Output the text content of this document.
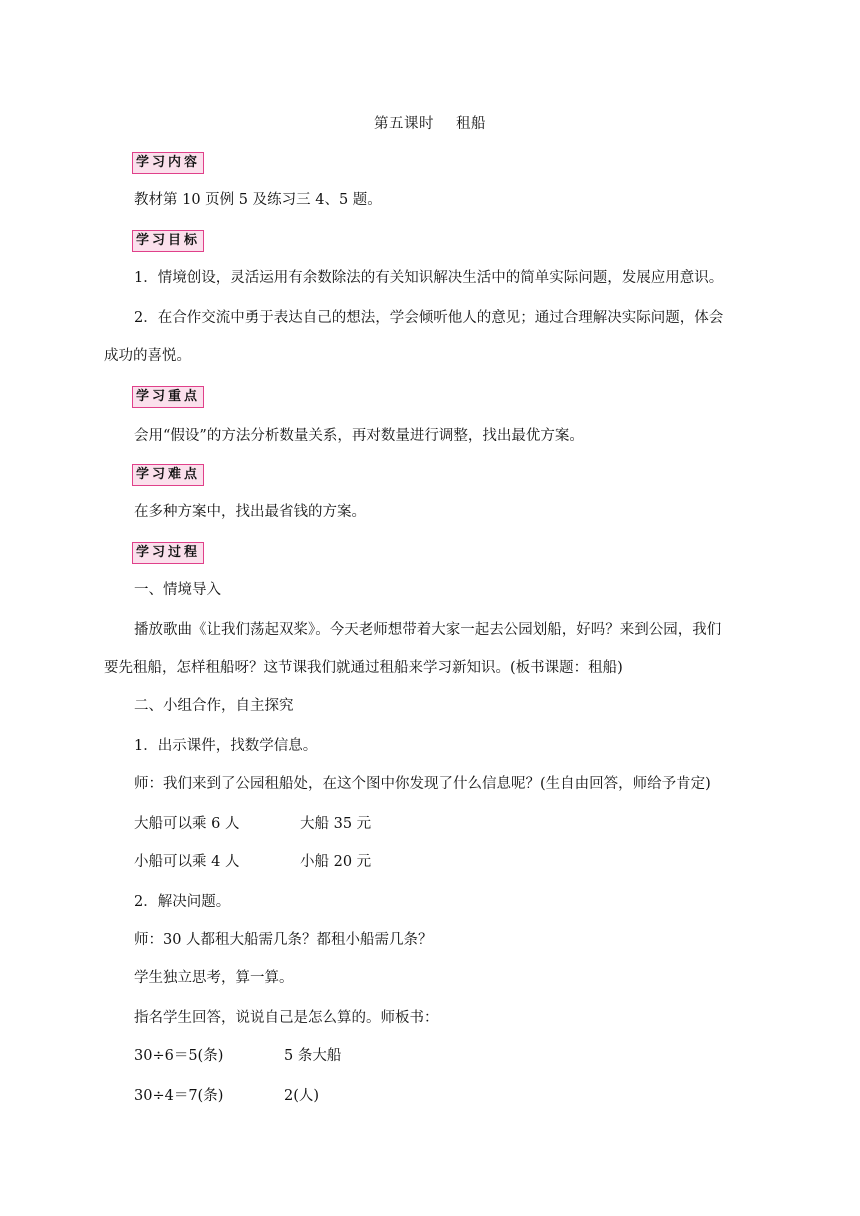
第五课时 租船
学习内容
教材第 10 页例 5 及练习三 4、5 题。
学习目标
1．情境创设，灵活运用有余数除法的有关知识解决生活中的简单实际问题，发展应用意识。
2．在合作交流中勇于表达自己的想法，学会倾听他人的意见；通过合理解决实际问题，体会
成功的喜悦。
学习重点
会用“假设”的方法分析数量关系，再对数量进行调整，找出最优方案。
学习难点
在多种方案中，找出最省钱的方案。
学习过程
一、情境导入
播放歌曲《让我们荡起双桨》。今天老师想带着大家一起去公园划船，好吗？来到公园，我们
要先租船，怎样租船呀？这节课我们就通过租船来学习新知识。(板书课题：租船)
二、小组合作，自主探究
1．出示课件，找数学信息。
师：我们来到了公园租船处，在这个图中你发现了什么信息呢？(生自由回答，师给予肯定)
大船可以乘 6 人	大船 35 元
小船可以乘 4 人	小船 20 元
2．解决问题。
师：30 人都租大船需几条？都租小船需几条？
学生独立思考，算一算。
指名学生回答，说说自己是怎么算的。师板书：
30÷6＝5(条)	5 条大船
30÷4＝7(条)	2(人)
